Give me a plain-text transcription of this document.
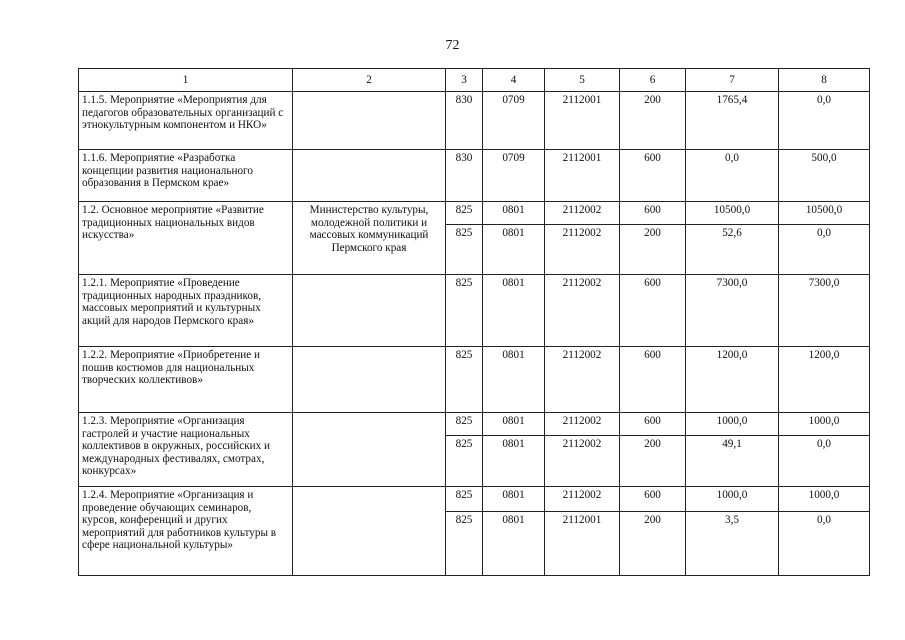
72
1	2	3	4	5	6	7	8
1.1.5. Мероприятие «Мероприятия для педагогов образовательных организаций с этнокультурным компонентом и НКО»		830	0709	2112001	200	1765,4	0,0
1.1.6. Мероприятие «Разработка концепции развития национального образования в Пермском крае»		830	0709	2112001	600	0,0	500,0
1.2. Основное мероприятие «Развитие традиционных национальных видов искусства»	Министерство культуры, молодежной политики и массовых коммуникаций Пермского края	825	0801	2112002	600	10500,0	10500,0
		825	0801	2112002	200	52,6	0,0
1.2.1. Мероприятие «Проведение традиционных народных праздников, массовых мероприятий и культурных акций для народов Пермского края»		825	0801	2112002	600	7300,0	7300,0
1.2.2. Мероприятие «Приобретение и пошив костюмов для национальных творческих коллективов»		825	0801	2112002	600	1200,0	1200,0
1.2.3. Мероприятие «Организация гастролей и участие национальных коллективов в окружных, российских и международных фестивалях, смотрах, конкурсах»		825	0801	2112002	600	1000,0	1000,0
		825	0801	2112002	200	49,1	0,0
1.2.4. Мероприятие «Организация и проведение обучающих семинаров, курсов, конференций и других мероприятий для работников культуры в сфере национальной культуры»		825	0801	2112002	600	1000,0	1000,0
		825	0801	2112001	200	3,5	0,0
